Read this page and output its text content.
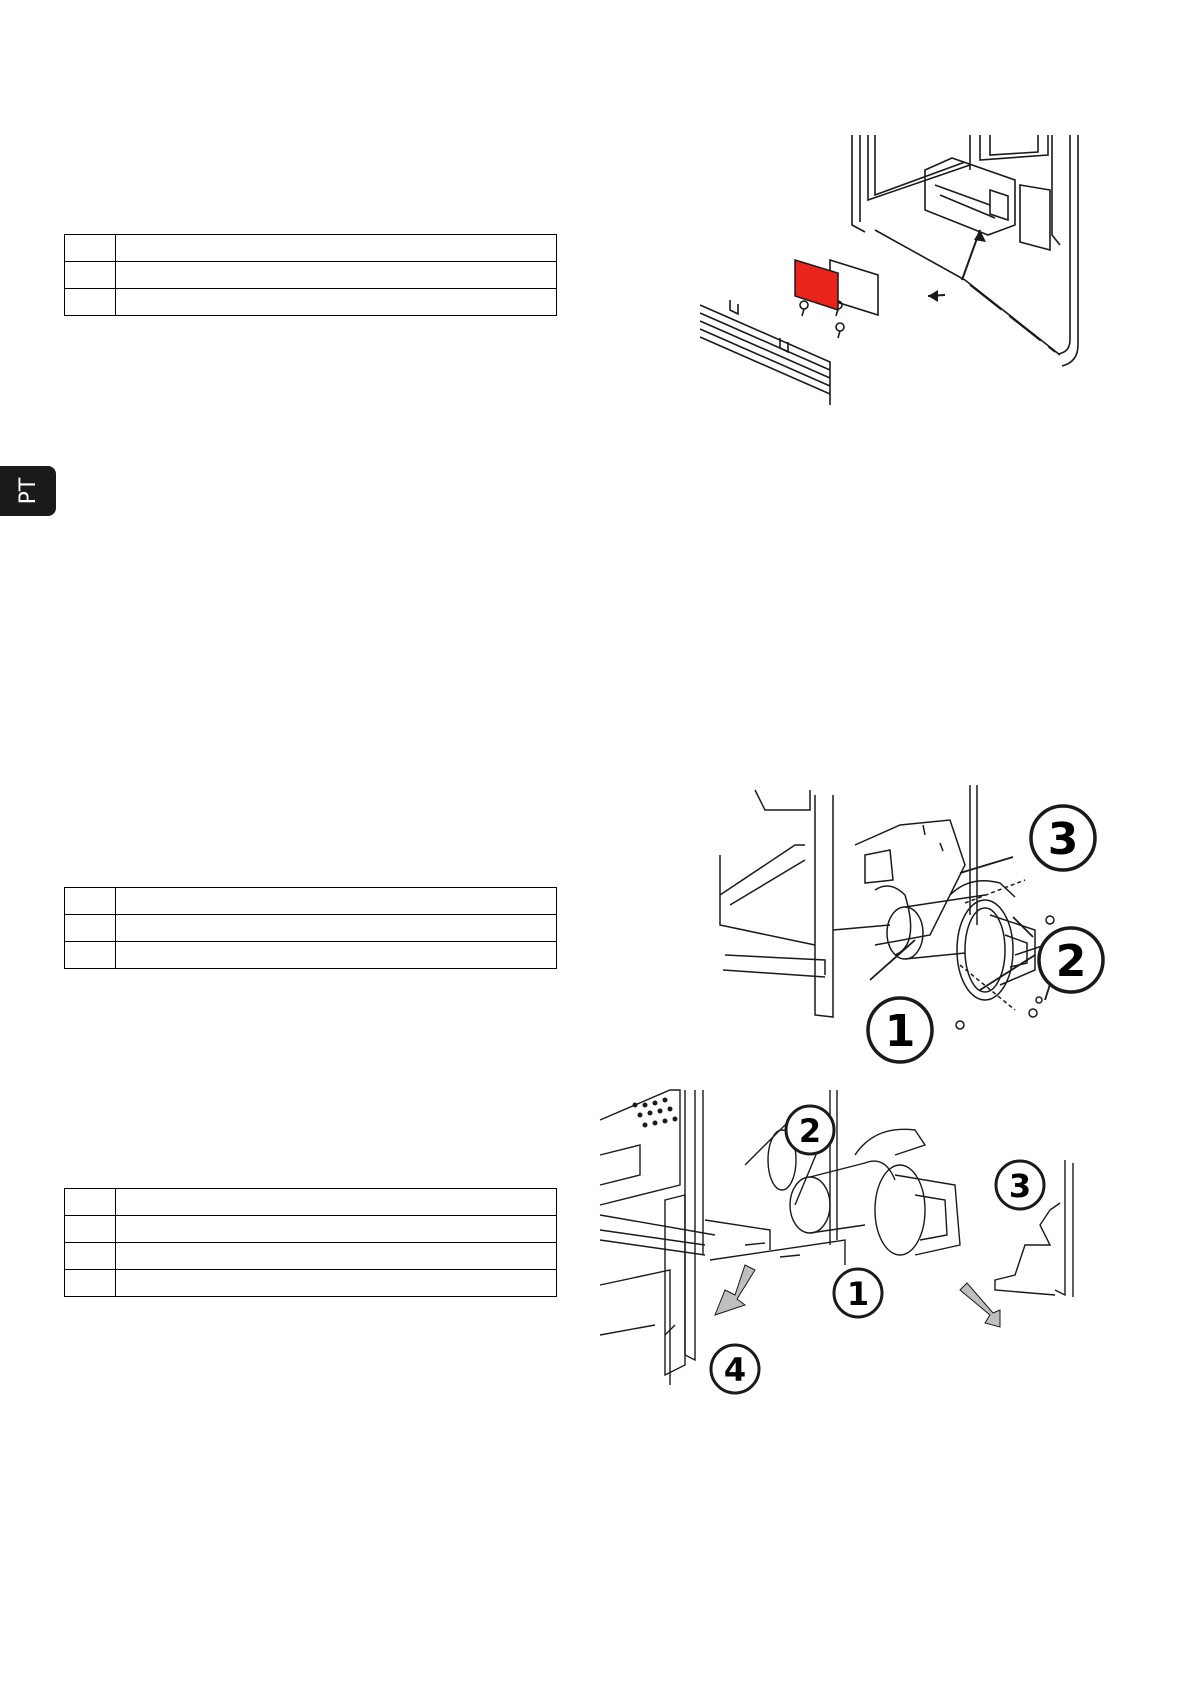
PT

3
2
1
2
3
1
4
